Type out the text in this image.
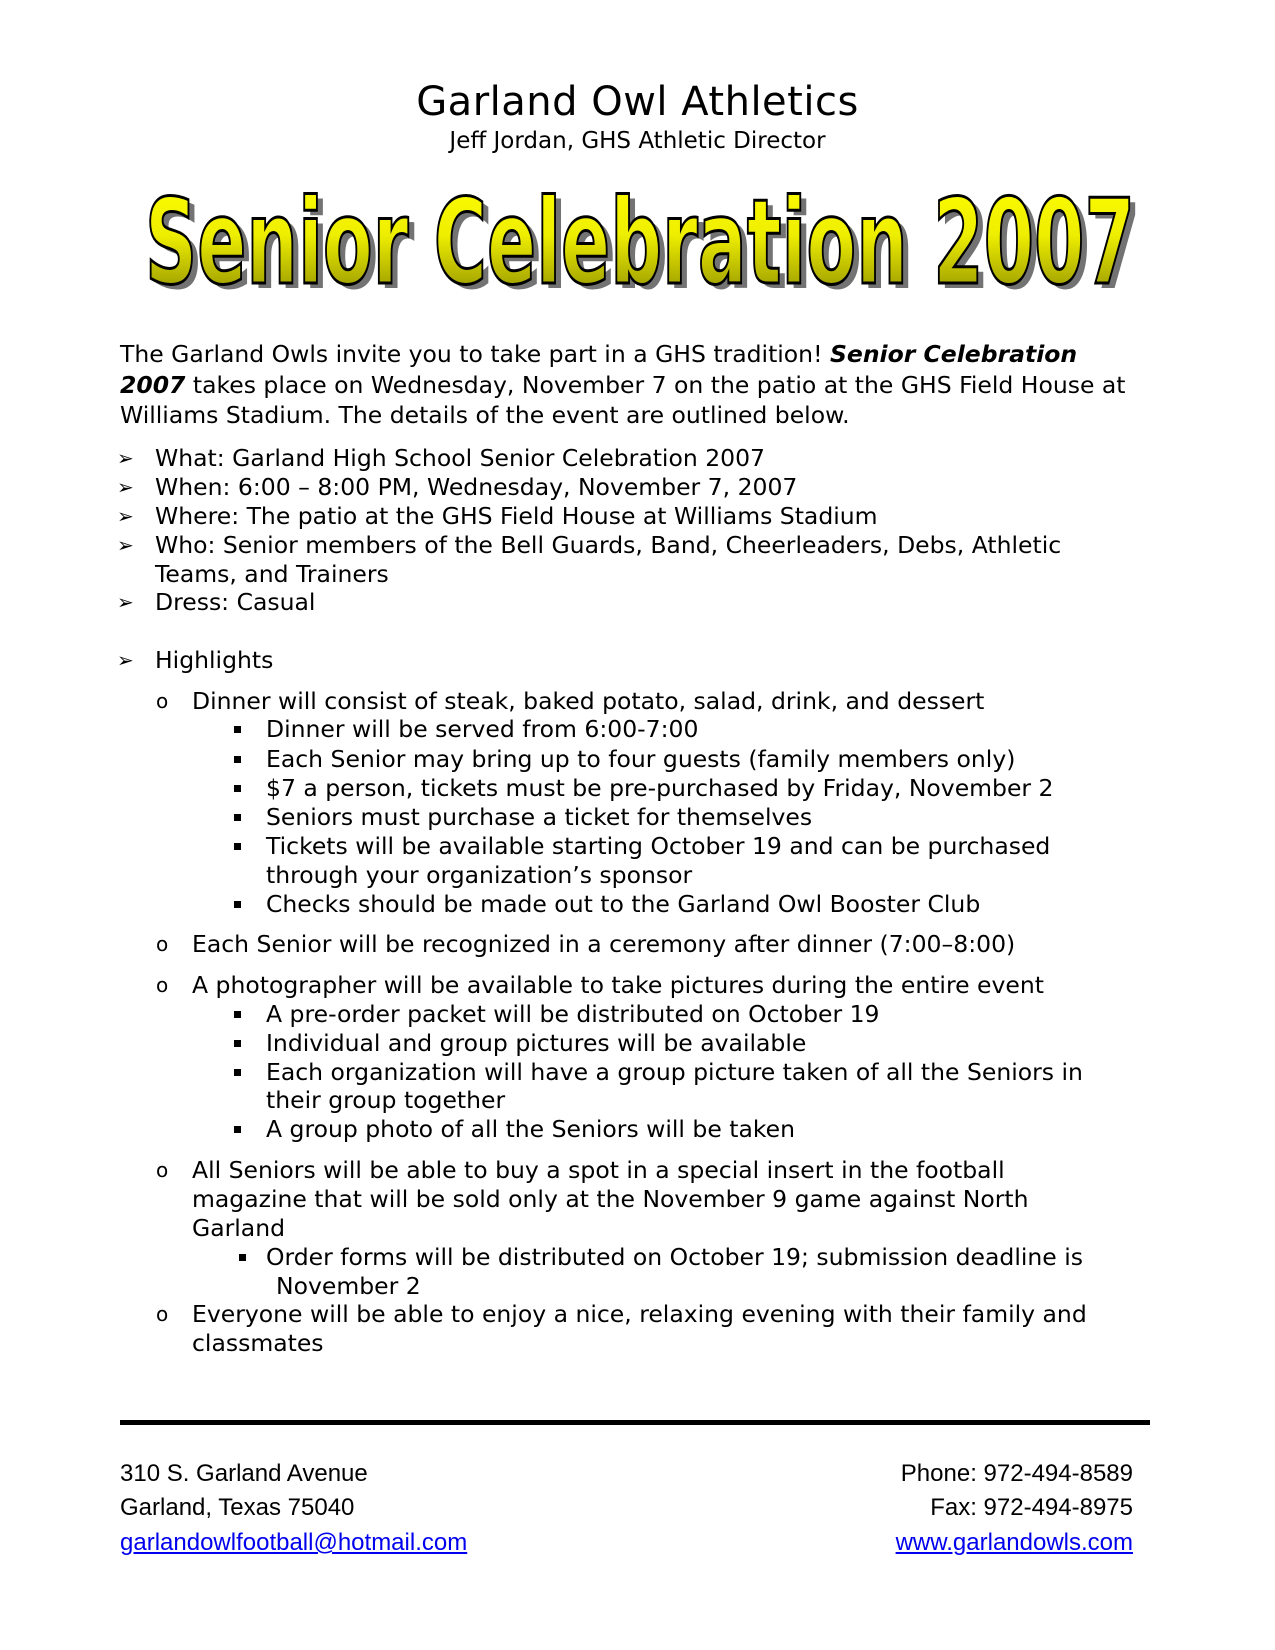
Garland Owl Athletics
Jeff Jordan, GHS Athletic Director
Senior Celebration 2007
Senior Celebration 2007
The Garland Owls invite you to take part in a GHS tradition! Senior Celebration 2007 takes place on Wednesday, November 7 on the patio at the GHS Field House at Williams Stadium. The details of the event are outlined below.
➢ What: Garland High School Senior Celebration 2007
➢ When: 6:00 – 8:00 PM, Wednesday, November 7, 2007
➢ Where: The patio at the GHS Field House at Williams Stadium
➢ Who: Senior members of the Bell Guards, Band, Cheerleaders, Debs, Athletic
Teams, and Trainers
➢ Dress: Casual
➢ Highlights
o Dinner will consist of steak, baked potato, salad, drink, and dessert
Dinner will be served from 6:00-7:00
Each Senior may bring up to four guests (family members only)
$7 a person, tickets must be pre-purchased by Friday, November 2
Seniors must purchase a ticket for themselves
Tickets will be available starting October 19 and can be purchased
through your organization’s sponsor
Checks should be made out to the Garland Owl Booster Club
o Each Senior will be recognized in a ceremony after dinner (7:00–8:00)
o A photographer will be available to take pictures during the entire event
A pre-order packet will be distributed on October 19
Individual and group pictures will be available
Each organization will have a group picture taken of all the Seniors in
their group together
A group photo of all the Seniors will be taken
o All Seniors will be able to buy a spot in a special insert in the football
magazine that will be sold only at the November 9 game against North
Garland
Order forms will be distributed on October 19; submission deadline is
November 2
o Everyone will be able to enjoy a nice, relaxing evening with their family and
classmates
310 S. Garland Avenue
Garland, Texas 75040
garlandowlfootball@hotmail.com
Phone: 972-494-8589
Fax: 972-494-8975
www.garlandowls.com
